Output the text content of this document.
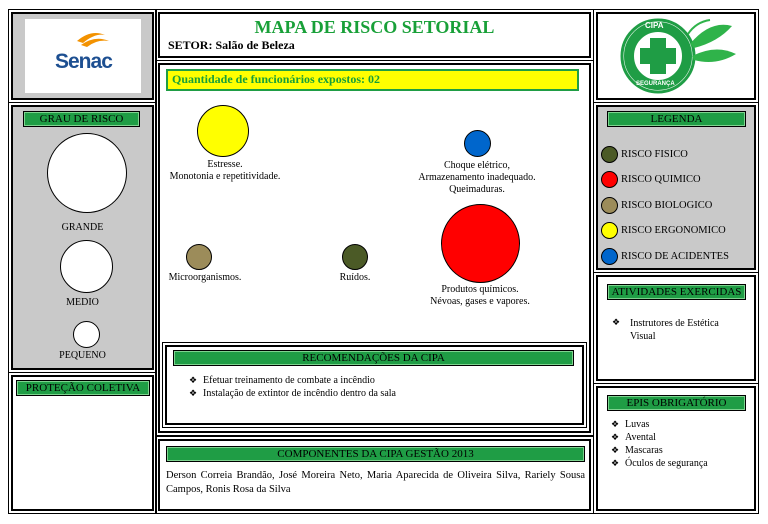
Senac
GRAU DE RISCO
GRANDE
MEDIO
PEQUENO
PROTEÇÃO COLETIVA
MAPA DE RISCO SETORIAL
SETOR: Salão de Beleza
Quantidade de funcionários expostos: 02
Estresse.
Monotonia e repetitividade.
Choque elétrico,
Armazenamento inadequado.
Queimaduras.
Microorganismos.	Ruídos.
Produtos químicos.
Névoas, gases e vapores.
RECOMENDAÇÕES DA CIPA
❖ Efetuar treinamento de combate a incêndio
❖ Instalação de extintor de incêndio dentro da sala
COMPONENTES DA CIPA GESTÃO 2013
Derson Correia Brandão, José Moreira Neto, Maria Aparecida de Oliveira Silva, Rariely Sousa Campos, Ronis Rosa da Silva
CIPA
SEGURANÇA
LEGENDA
RISCO FISICO
RISCO QUIMICO
RISCO BIOLOGICO
RISCO ERGONOMICO
RISCO DE ACIDENTES
ATIVIDADES EXERCIDAS
❖ Instrutores de Estética Visual
EPIS OBRIGATÓRIO
❖ Luvas
❖ Avental
❖ Mascaras
❖ Óculos de segurança
